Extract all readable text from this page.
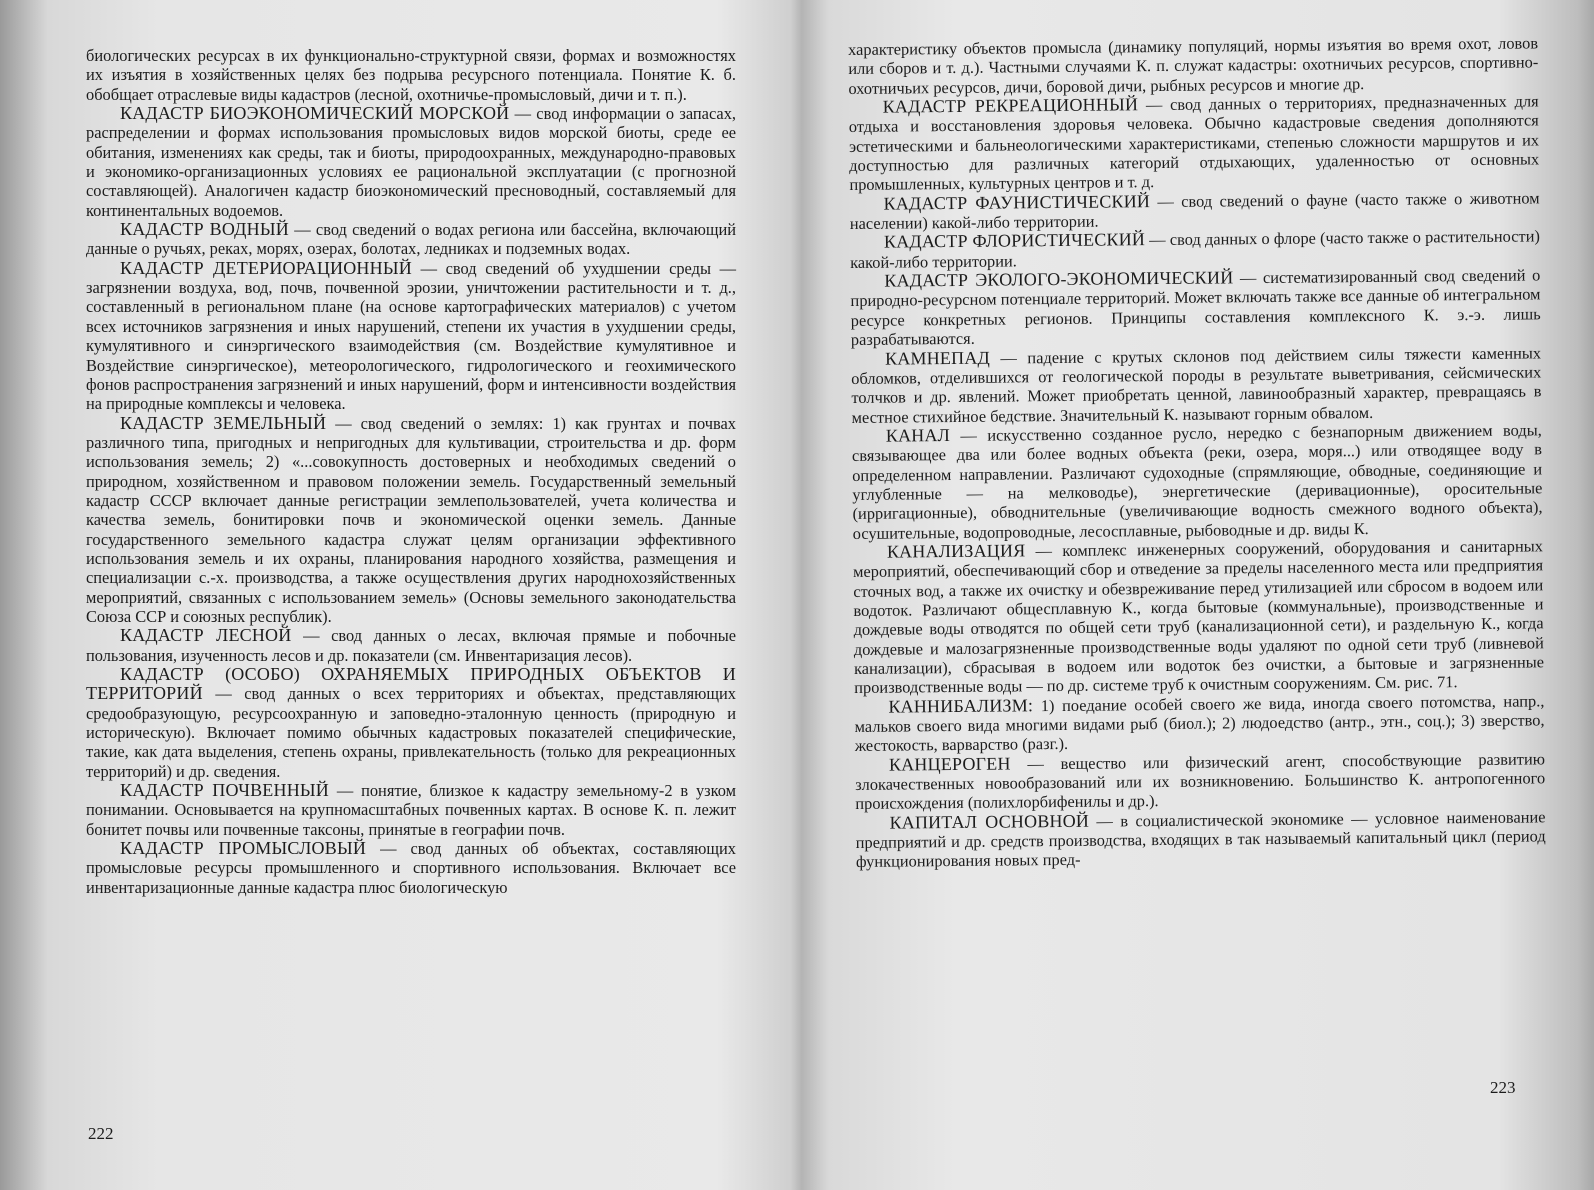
биологических ресурсах в их функционально-структурной связи, формах и возможностях их изъятия в хозяйственных целях без подрыва ресурсного потенциала. Понятие К. б. обобщает отраслевые виды кадастров (лесной, охотничье-промысловый, дичи и т. п.).

КАДАСТР БИОЭКОНОМИЧЕСКИЙ МОРСКОЙ — свод информации о запасах, распределении и формах использования промысловых видов морской биоты, среде ее обитания, изменениях как среды, так и биоты, природоохранных, международно-правовых и экономико-организационных условиях ее рациональной эксплуатации (с прогнозной составляющей). Аналогичен кадастр биоэкономический пресноводный, составляемый для континентальных водоемов.

КАДАСТР ВОДНЫЙ — свод сведений о водах региона или бассейна, включающий данные о ручьях, реках, морях, озерах, болотах, ледниках и подземных водах.

КАДАСТР ДЕТЕРИОРАЦИОННЫЙ — свод сведений об ухудшении среды — загрязнении воздуха, вод, почв, почвенной эрозии, уничтожении растительности и т. д., составленный в региональном плане (на основе картографических материалов) с учетом всех источников загрязнения и иных нарушений, степени их участия в ухудшении среды, кумулятивного и синэргического взаимодействия (см. Воздействие кумулятивное и Воздействие синэргическое), метеорологического, гидрологического и геохимического фонов распространения загрязнений и иных нарушений, форм и интенсивности воздействия на природные комплексы и человека.

КАДАСТР ЗЕМЕЛЬНЫЙ — свод сведений о землях: 1) как грунтах и почвах различного типа, пригодных и непригодных для культивации, строительства и др. форм использования земель; 2) «...совокупность достоверных и необходимых сведений о природном, хозяйственном и правовом положении земель. Государственный земельный кадастр СССР включает данные регистрации землепользователей, учета количества и качества земель, бонитировки почв и экономической оценки земель. Данные государственного земельного кадастра служат целям организации эффективного использования земель и их охраны, планирования народного хозяйства, размещения и специализации с.-х. производства, а также осуществления других народнохозяйственных мероприятий, связанных с использованием земель» (Основы земельного законодательства Союза ССР и союзных республик).

КАДАСТР ЛЕСНОЙ — свод данных о лесах, включая прямые и побочные пользования, изученность лесов и др. показатели (см. Инвентаризация лесов).

КАДАСТР (ОСОБО) ОХРАНЯЕМЫХ ПРИРОДНЫХ ОБЪЕКТОВ И ТЕРРИТОРИЙ — свод данных о всех территориях и объектах, представляющих средообразующую, ресурсоохранную и заповедно-эталонную ценность (природную и историческую). Включает помимо обычных кадастровых показателей специфические, такие, как дата выделения, степень охраны, привлекательность (только для рекреационных территорий) и др. сведения.

КАДАСТР ПОЧВЕННЫЙ — понятие, близкое к кадастру земельному-2 в узком понимании. Основывается на крупномасштабных почвенных картах. В основе К. п. лежит бонитет почвы или почвенные таксоны, принятые в географии почв.

КАДАСТР ПРОМЫСЛОВЫЙ — свод данных об объектах, составляющих промысловые ресурсы промышленного и спортивного использования. Включает все инвентаризационные данные кадастра плюс биологическую

222

характеристику объектов промысла (динамику популяций, нормы изъятия во время охот, ловов или сборов и т. д.). Частными случаями К. п. служат кадастры: охотничьих ресурсов, спортивно-охотничьих ресурсов, дичи, боровой дичи, рыбных ресурсов и многие др.

КАДАСТР РЕКРЕАЦИОННЫЙ — свод данных о территориях, предназначенных для отдыха и восстановления здоровья человека. Обычно кадастровые сведения дополняются эстетическими и бальнеологическими характеристиками, степенью сложности маршрутов и их доступностью для различных категорий отдыхающих, удаленностью от основных промышленных, культурных центров и т. д.

КАДАСТР ФАУНИСТИЧЕСКИЙ — свод сведений о фауне (часто также о животном населении) какой-либо территории.

КАДАСТР ФЛОРИСТИЧЕСКИЙ — свод данных о флоре (часто также о растительности) какой-либо территории.

КАДАСТР ЭКОЛОГО-ЭКОНОМИЧЕСКИЙ — систематизированный свод сведений о природно-ресурсном потенциале территорий. Может включать также все данные об интегральном ресурсе конкретных регионов. Принципы составления комплексного К. э.-э. лишь разрабатываются.

КАМНЕПАД — падение с крутых склонов под действием силы тяжести каменных обломков, отделившихся от геологической породы в результате выветривания, сейсмических толчков и др. явлений. Может приобретать ценной, лавинообразный характер, превращаясь в местное стихийное бедствие. Значительный К. называют горным обвалом.

КАНАЛ — искусственно созданное русло, нередко с безнапорным движением воды, связывающее два или более водных объекта (реки, озера, моря...) или отводящее воду в определенном направлении. Различают судоходные (спрямляющие, обводные, соединяющие и углубленные — на мелководье), энергетические (деривационные), оросительные (ирригационные), обводнительные (увеличивающие водность смежного водного объекта), осушительные, водопроводные, лесосплавные, рыбоводные и др. виды К.

КАНАЛИЗАЦИЯ — комплекс инженерных сооружений, оборудования и санитарных мероприятий, обеспечивающий сбор и отведение за пределы населенного места или предприятия сточных вод, а также их очистку и обезвреживание перед утилизацией или сбросом в водоем или водоток. Различают общесплавную К., когда бытовые (коммунальные), производственные и дождевые воды отводятся по общей сети труб (канализационной сети), и раздельную К., когда дождевые и малозагрязненные производственные воды удаляют по одной сети труб (ливневой канализации), сбрасывая в водоем или водоток без очистки, а бытовые и загрязненные производственные воды — по др. системе труб к очистным сооружениям. См. рис. 71.

КАННИБАЛИЗМ: 1) поедание особей своего же вида, иногда своего потомства, напр., мальков своего вида многими видами рыб (биол.); 2) людоедство (антр., этн., соц.); 3) зверство, жестокость, варварство (разг.).

КАНЦЕРОГЕН — вещество или физический агент, способствующие развитию злокачественных новообразований или их возникновению. Большинство К. антропогенного происхождения (полихлорбифенилы и др.).

КАПИТАЛ ОСНОВНОЙ — в социалистической экономике — условное наименование предприятий и др. средств производства, входящих в так называемый капитальный цикл (период функционирования новых пред-

223
